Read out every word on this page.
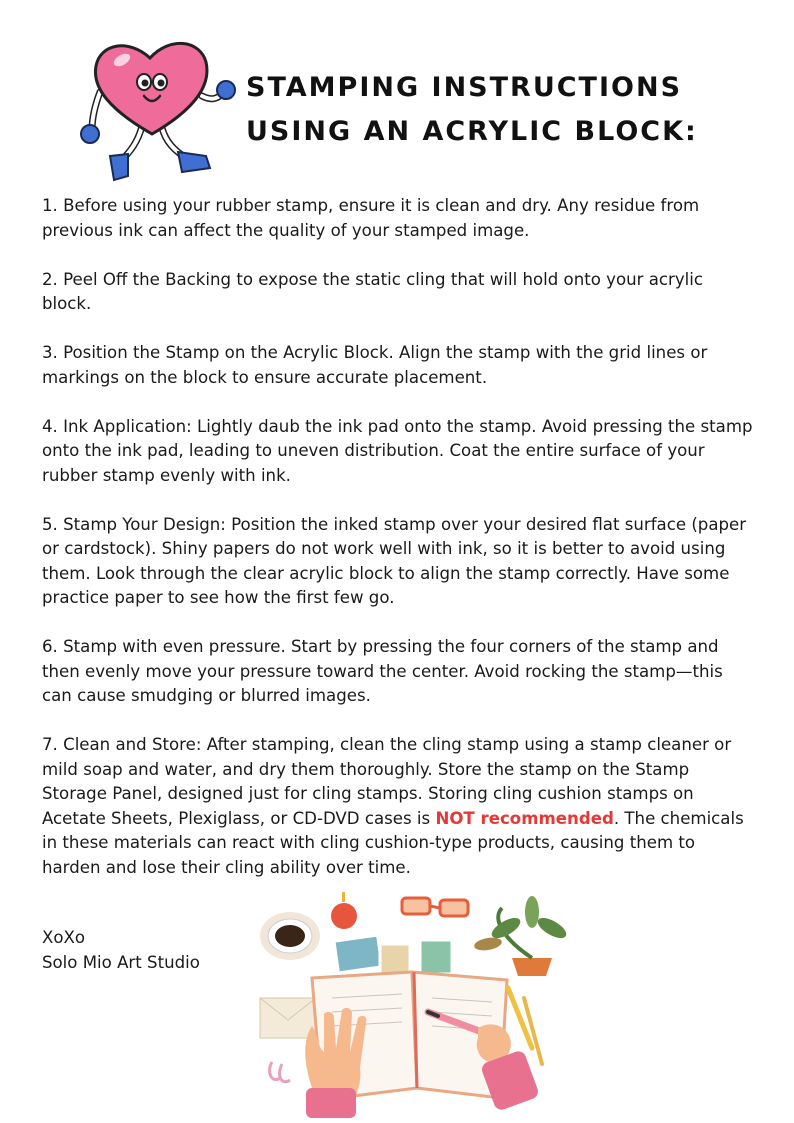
STAMPING INSTRUCTIONS
USING AN ACRYLIC BLOCK:

1. Before using your rubber stamp, ensure it is clean and dry. Any residue from previous ink can affect the quality of your stamped image.

2. Peel Off the Backing to expose the static cling that will hold onto your acrylic block.

3. Position the Stamp on the Acrylic Block. Align the stamp with the grid lines or markings on the block to ensure accurate placement.

4. Ink Application: Lightly daub the ink pad onto the stamp. Avoid pressing the stamp onto the ink pad, leading to uneven distribution. Coat the entire surface of your rubber stamp evenly with ink.

5. Stamp Your Design: Position the inked stamp over your desired flat surface (paper or cardstock). Shiny papers do not work well with ink, so it is better to avoid using them. Look through the clear acrylic block to align the stamp correctly. Have some practice paper to see how the first few go.

6. Stamp with even pressure. Start by pressing the four corners of the stamp and then evenly move your pressure toward the center. Avoid rocking the stamp—this can cause smudging or blurred images.

7. Clean and Store: After stamping, clean the cling stamp using a stamp cleaner or mild soap and water, and dry them thoroughly. Store the stamp on the Stamp Storage Panel, designed just for cling stamps. Storing cling cushion stamps on Acetate Sheets, Plexiglass, or CD-DVD cases is NOT recommended. The chemicals in these materials can react with cling cushion-type products, causing them to harden and lose their cling ability over time.

XoXo
Solo Mio Art Studio
